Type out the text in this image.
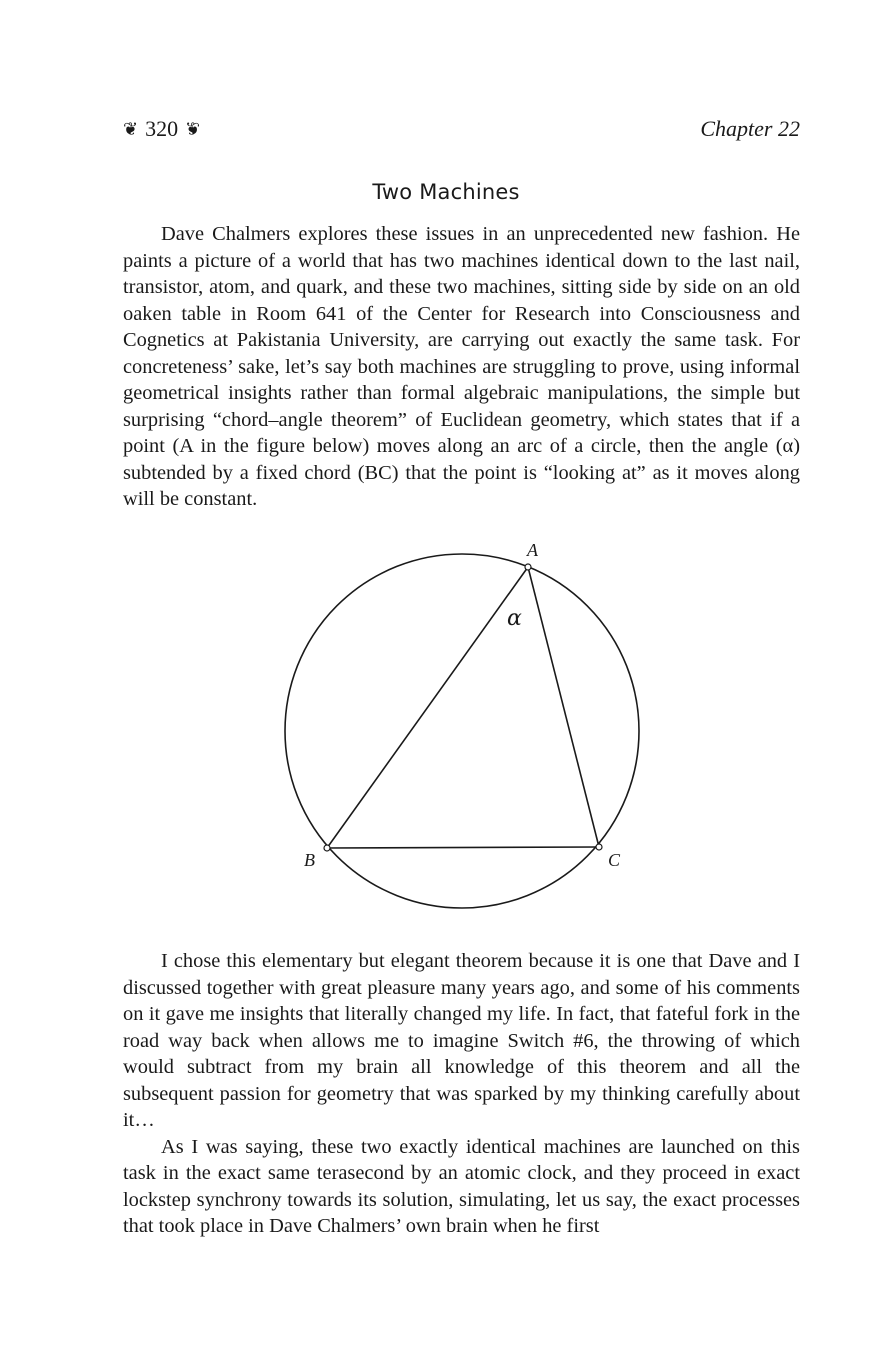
❦ 320 ❦	Chapter 22
Two Machines

Dave Chalmers explores these issues in an unprecedented new fashion. He paints a picture of a world that has two machines identical down to the last nail, transistor, atom, and quark, and these two machines, sitting side by side on an old oaken table in Room 641 of the Center for Research into Consciousness and Cognetics at Pakistania University, are carrying out exactly the same task. For concreteness’ sake, let’s say both machines are struggling to prove, using informal geometrical insights rather than formal algebraic manipulations, the simple but surprising “chord–angle theorem” of Euclidean geometry, which states that if a point (A in the figure below) moves along an arc of a circle, then the angle (α) subtended by a fixed chord (BC) that the point is “looking at” as it moves along will be constant.

A
B	C
α

I chose this elementary but elegant theorem because it is one that Dave and I discussed together with great pleasure many years ago, and some of his comments on it gave me insights that literally changed my life. In fact, that fateful fork in the road way back when allows me to imagine Switch #6, the throwing of which would subtract from my brain all knowledge of this theorem and all the subsequent passion for geometry that was sparked by my thinking carefully about it…

As I was saying, these two exactly identical machines are launched on this task in the exact same terasecond by an atomic clock, and they proceed in exact lockstep synchrony towards its solution, simulating, let us say, the exact processes that took place in Dave Chalmers’ own brain when he first
